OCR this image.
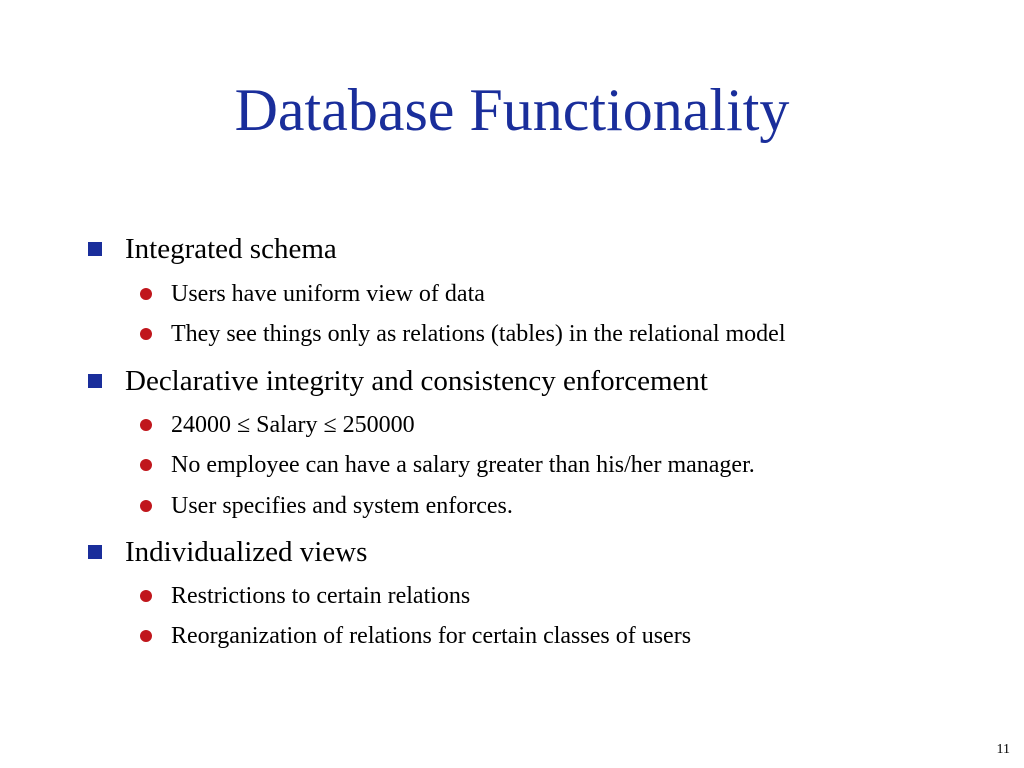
Database Functionality
Integrated schema
Users have uniform view of data
They see things only as relations (tables) in the relational model
Declarative integrity and consistency enforcement
24000 ≤ Salary ≤ 250000
No employee can have a salary greater than his/her manager.
User specifies and system enforces.
Individualized views
Restrictions to certain relations
Reorganization of relations for certain classes of users
11
